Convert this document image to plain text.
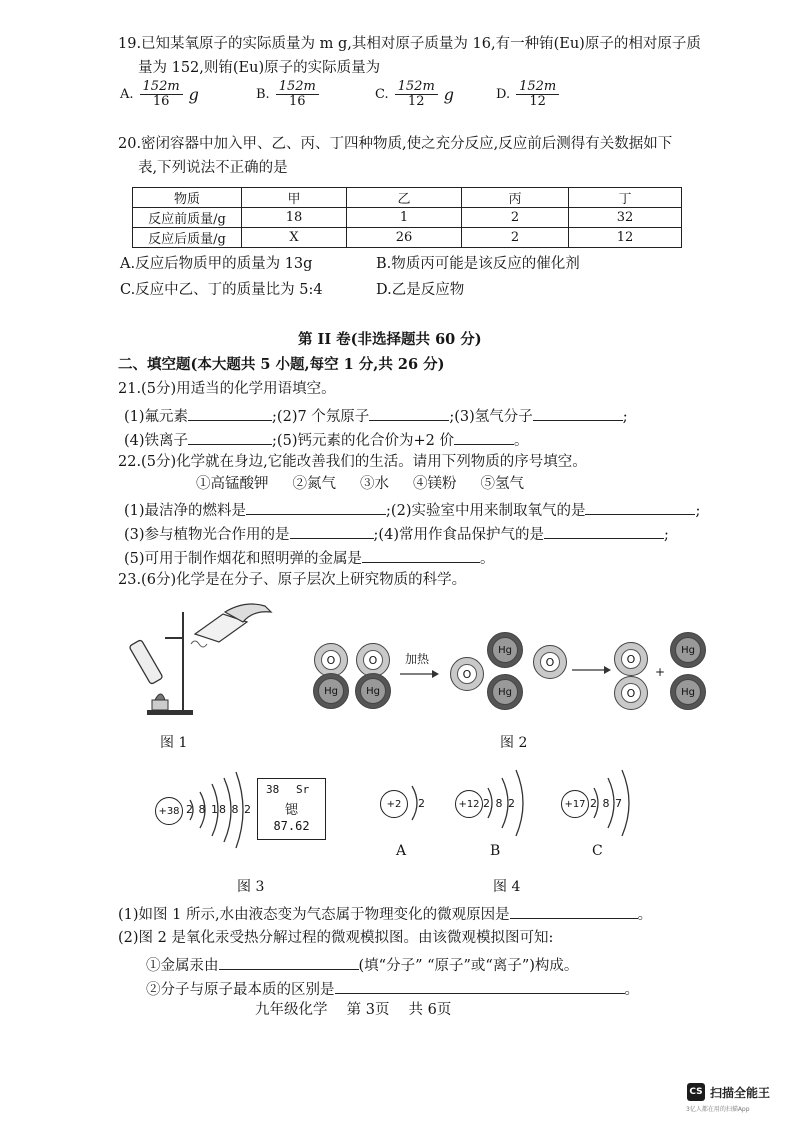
19.已知某氧原子的实际质量为 m g,其相对原子质量为 16,有一种铕(Eu)原子的相对原子质
量为 152,则铕(Eu)原子的实际质量为
A. $\frac{152m}{16}$ g	B. $\frac{152m}{16}$	C. $\frac{152m}{12}$ g	D. $\frac{152m}{12}$
20.密闭容器中加入甲、乙、丙、丁四种物质,使之充分反应,反应前后测得有关数据如下
表,下列说法不正确的是
物质	甲	乙	丙	丁
反应前质量/g	18	1	2	32
反应后质量/g	X	26	2	12
A.反应后物质甲的质量为 13g	B.物质丙可能是该反应的催化剂
C.反应中乙、丁的质量比为 5:4	D.乙是反应物
第 II 卷(非选择题共 60 分)
二、填空题(本大题共 5 小题,每空 1 分,共 26 分)
21.(5分)用适当的化学用语填空。
(1)氟元素	;(2)7 个氖原子	;(3)氢气分子	;
(4)铁离子	;(5)钙元素的化合价为+2 价	。
22.(5分)化学就在身边,它能改善我们的生活。请用下列物质的序号填空。
①高锰酸钾 ②氮气 ③水 ④镁粉 ⑤氢气
(1)最洁净的燃料是	;(2)实验室中用来制取氧气的是	;
(3)参与植物光合作用的是	;(4)常用作食品保护气的是	;
(5)可用于制作烟花和照明弹的金属是	。
23.(6分)化学是在分子、原子层次上研究物质的科学。
O	O
Hg	Hg
加热
O
Hg
Hg
O	O
O
+
Hg
Hg
图 1	图 2
+38 2 8 18 8 2
38 Sr
锶
87.62
+2	2
A
+12 2 8 2
B
+17 2 8 7
C
图 3	图 4
(1)如图 1 所示,水由液态变为气态属于物理变化的微观原因是	。
(2)图 2 是氧化汞受热分解过程的微观模拟图。由该微观模拟图可知:
①金属汞由	(填“分子” “原子”或“离子”)构成。
②分子与原子最本质的区别是	。
九年级化学　 第 3页　 共 6页
CS 扫描全能王
3亿人都在用的扫描App
